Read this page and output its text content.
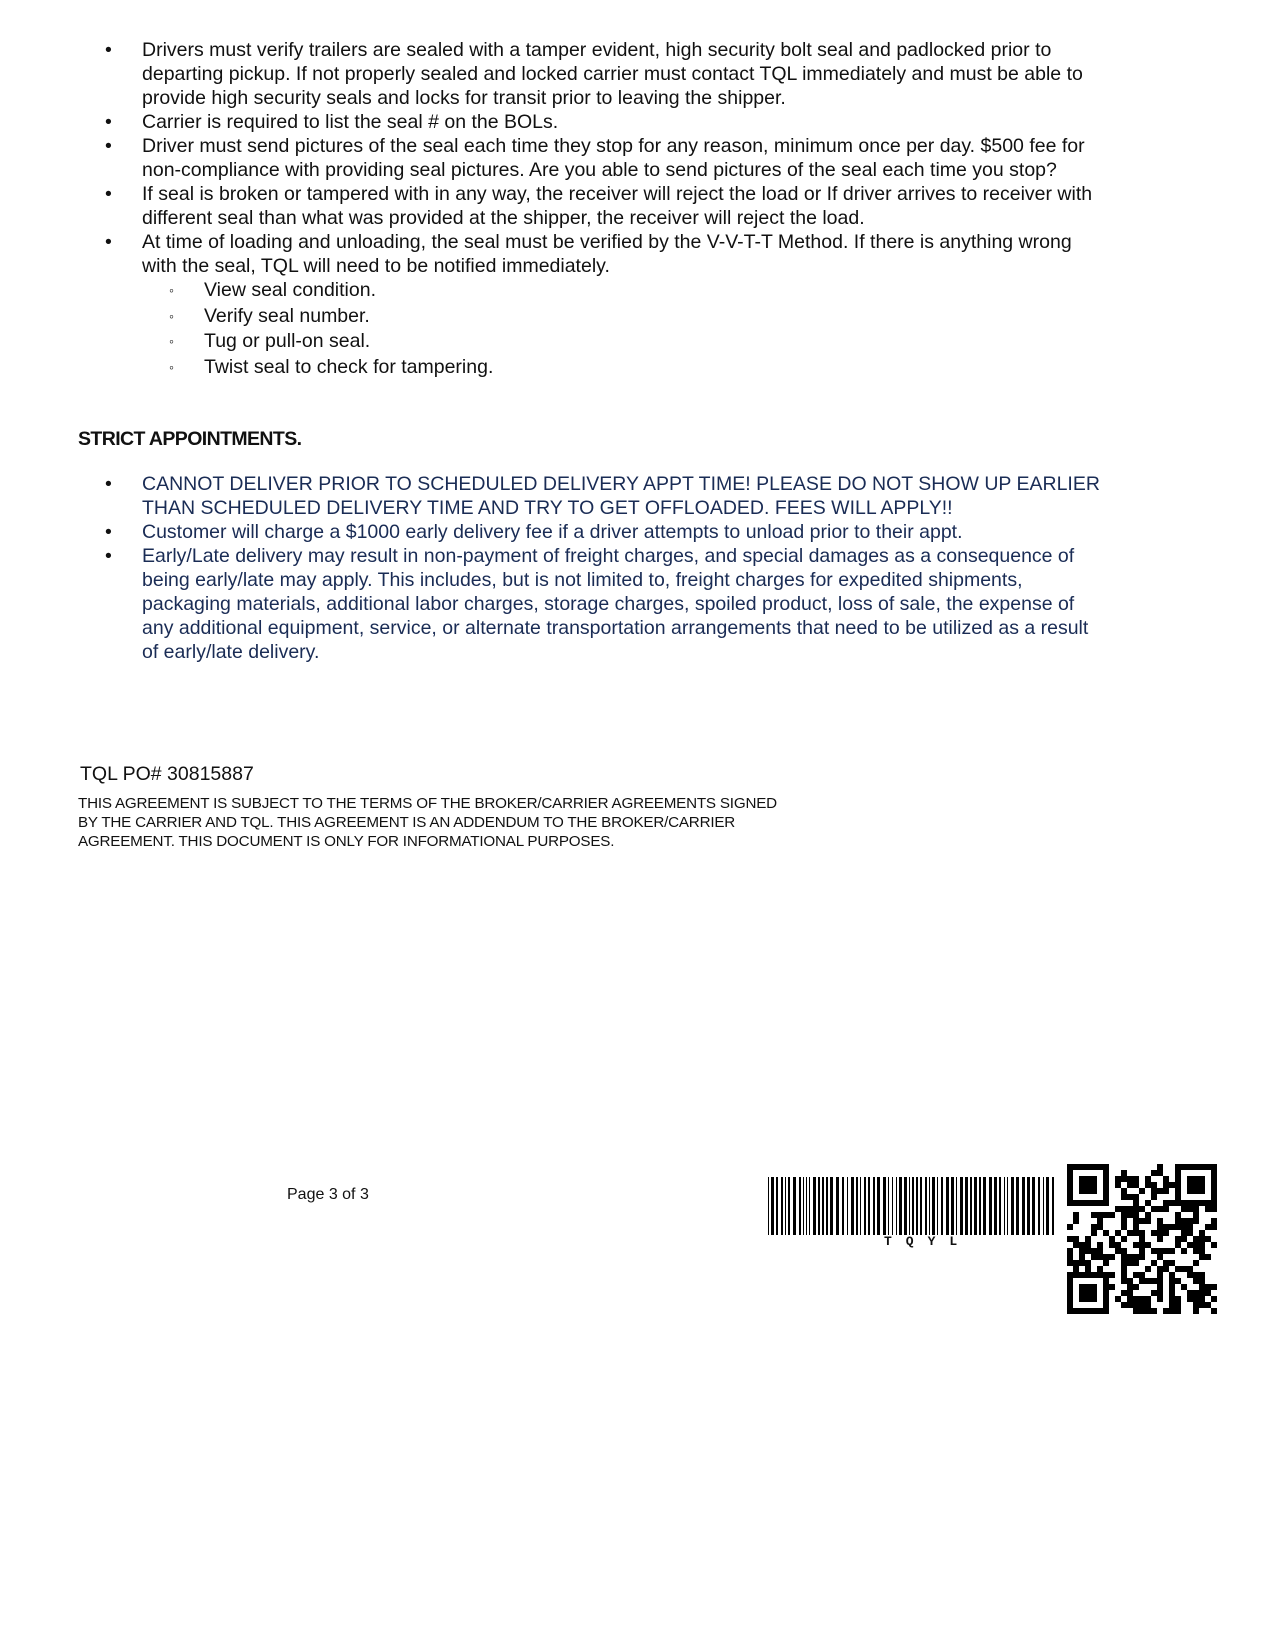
• Drivers must verify trailers are sealed with a tamper evident, high security bolt seal and padlocked prior to departing pickup. If not properly sealed and locked carrier must contact TQL immediately and must be able to provide high security seals and locks for transit prior to leaving the shipper.
• Carrier is required to list the seal # on the BOLs.
• Driver must send pictures of the seal each time they stop for any reason, minimum once per day. $500 fee for non-compliance with providing seal pictures. Are you able to send pictures of the seal each time you stop?
• If seal is broken or tampered with in any way, the receiver will reject the load or If driver arrives to receiver with different seal than what was provided at the shipper, the receiver will reject the load.
• At time of loading and unloading, the seal must be verified by the V-V-T-T Method. If there is anything wrong with the seal, TQL will need to be notified immediately.
◦ View seal condition.
◦ Verify seal number.
◦ Tug or pull-on seal.
◦ Twist seal to check for tampering.
STRICT APPOINTMENTS.
• CANNOT DELIVER PRIOR TO SCHEDULED DELIVERY APPT TIME! PLEASE DO NOT SHOW UP EARLIER THAN SCHEDULED DELIVERY TIME AND TRY TO GET OFFLOADED. FEES WILL APPLY!!
• Customer will charge a $1000 early delivery fee if a driver attempts to unload prior to their appt.
• Early/Late delivery may result in non-payment of freight charges, and special damages as a consequence of being early/late may apply. This includes, but is not limited to, freight charges for expedited shipments, packaging materials, additional labor charges, storage charges, spoiled product, loss of sale, the expense of any additional equipment, service, or alternate transportation arrangements that need to be utilized as a result of early/late delivery.
TQL PO# 30815887
THIS AGREEMENT IS SUBJECT TO THE TERMS OF THE BROKER/CARRIER AGREEMENTS SIGNED BY THE CARRIER AND TQL. THIS AGREEMENT IS AN ADDENDUM TO THE BROKER/CARRIER AGREEMENT. THIS DOCUMENT IS ONLY FOR INFORMATIONAL PURPOSES.
Page 3 of 3
TQYL
